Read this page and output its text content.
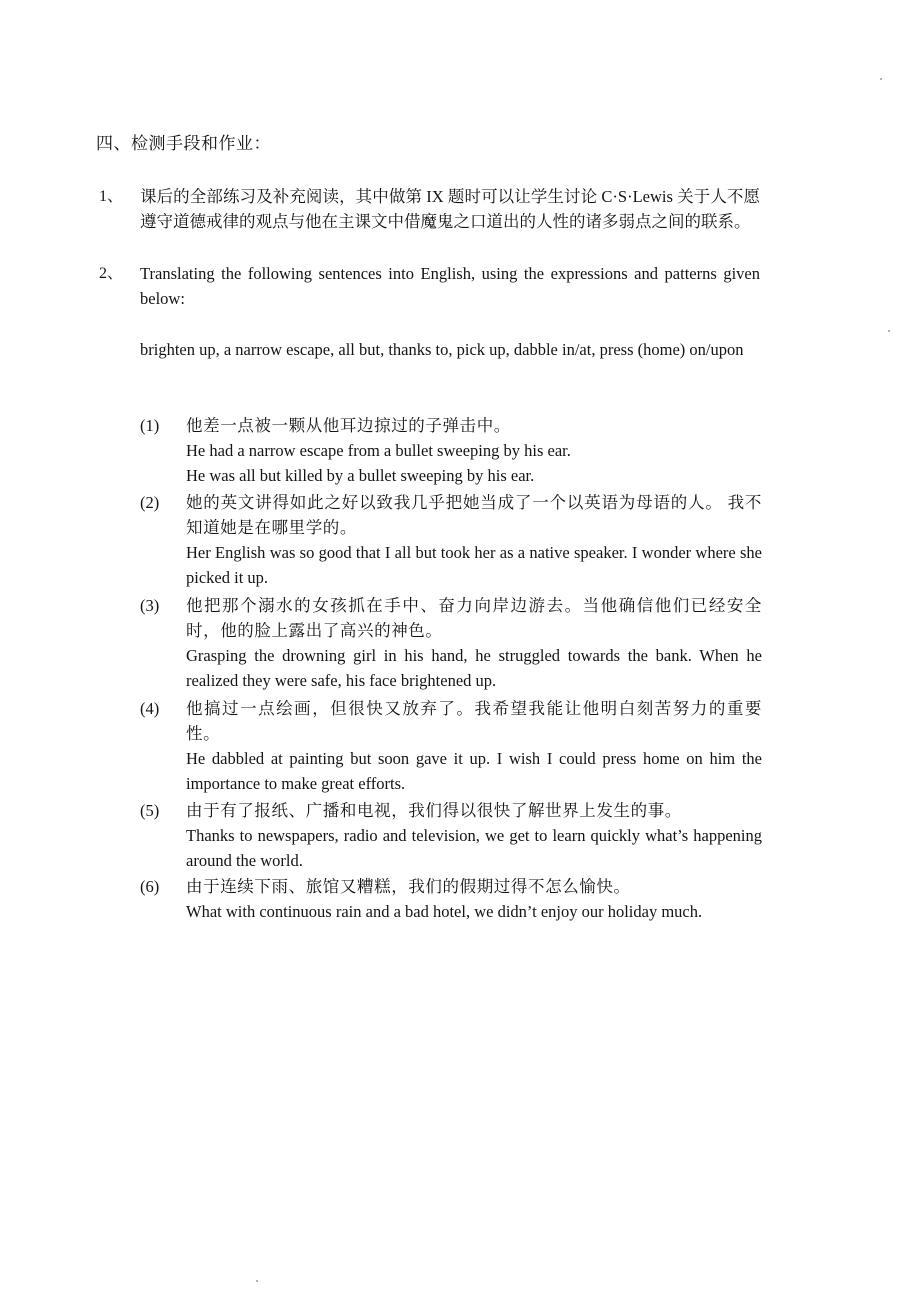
四、检测手段和作业：
1、 课后的全部练习及补充阅读，其中做第 IX 题时可以让学生讨论 C·S·Lewis 关于人不愿遵守道德戒律的观点与他在主课文中借魔鬼之口道出的人性的诸多弱点之间的联系。
2、 Translating the following sentences into English, using the expressions and patterns given below:
brighten up, a narrow escape, all but, thanks to, pick up, dabble in/at, press (home) on/upon
(1) 他差一点被一颗从他耳边掠过的子弹击中。
He had a narrow escape from a bullet sweeping by his ear.
He was all but killed by a bullet sweeping by his ear.
(2) 她的英文讲得如此之好以致我几乎把她当成了一个以英语为母语的人。 我不知道她是在哪里学的。
Her English was so good that I all but took her as a native speaker. I wonder where she picked it up.
(3) 他把那个溺水的女孩抓在手中、奋力向岸边游去。当他确信他们已经安全时，他的脸上露出了高兴的神色。
Grasping the drowning girl in his hand, he struggled towards the bank. When he realized they were safe, his face brightened up.
(4) 他搞过一点绘画，但很快又放弃了。我希望我能让他明白刻苦努力的重要性。
He dabbled at painting but soon gave it up. I wish I could press home on him the importance to make great efforts.
(5) 由于有了报纸、广播和电视，我们得以很快了解世界上发生的事。
Thanks to newspapers, radio and television, we get to learn quickly what’s happening around the world.
(6) 由于连续下雨、旅馆又糟糕，我们的假期过得不怎么愉快。
What with continuous rain and a bad hotel, we didn’t enjoy our holiday much.
